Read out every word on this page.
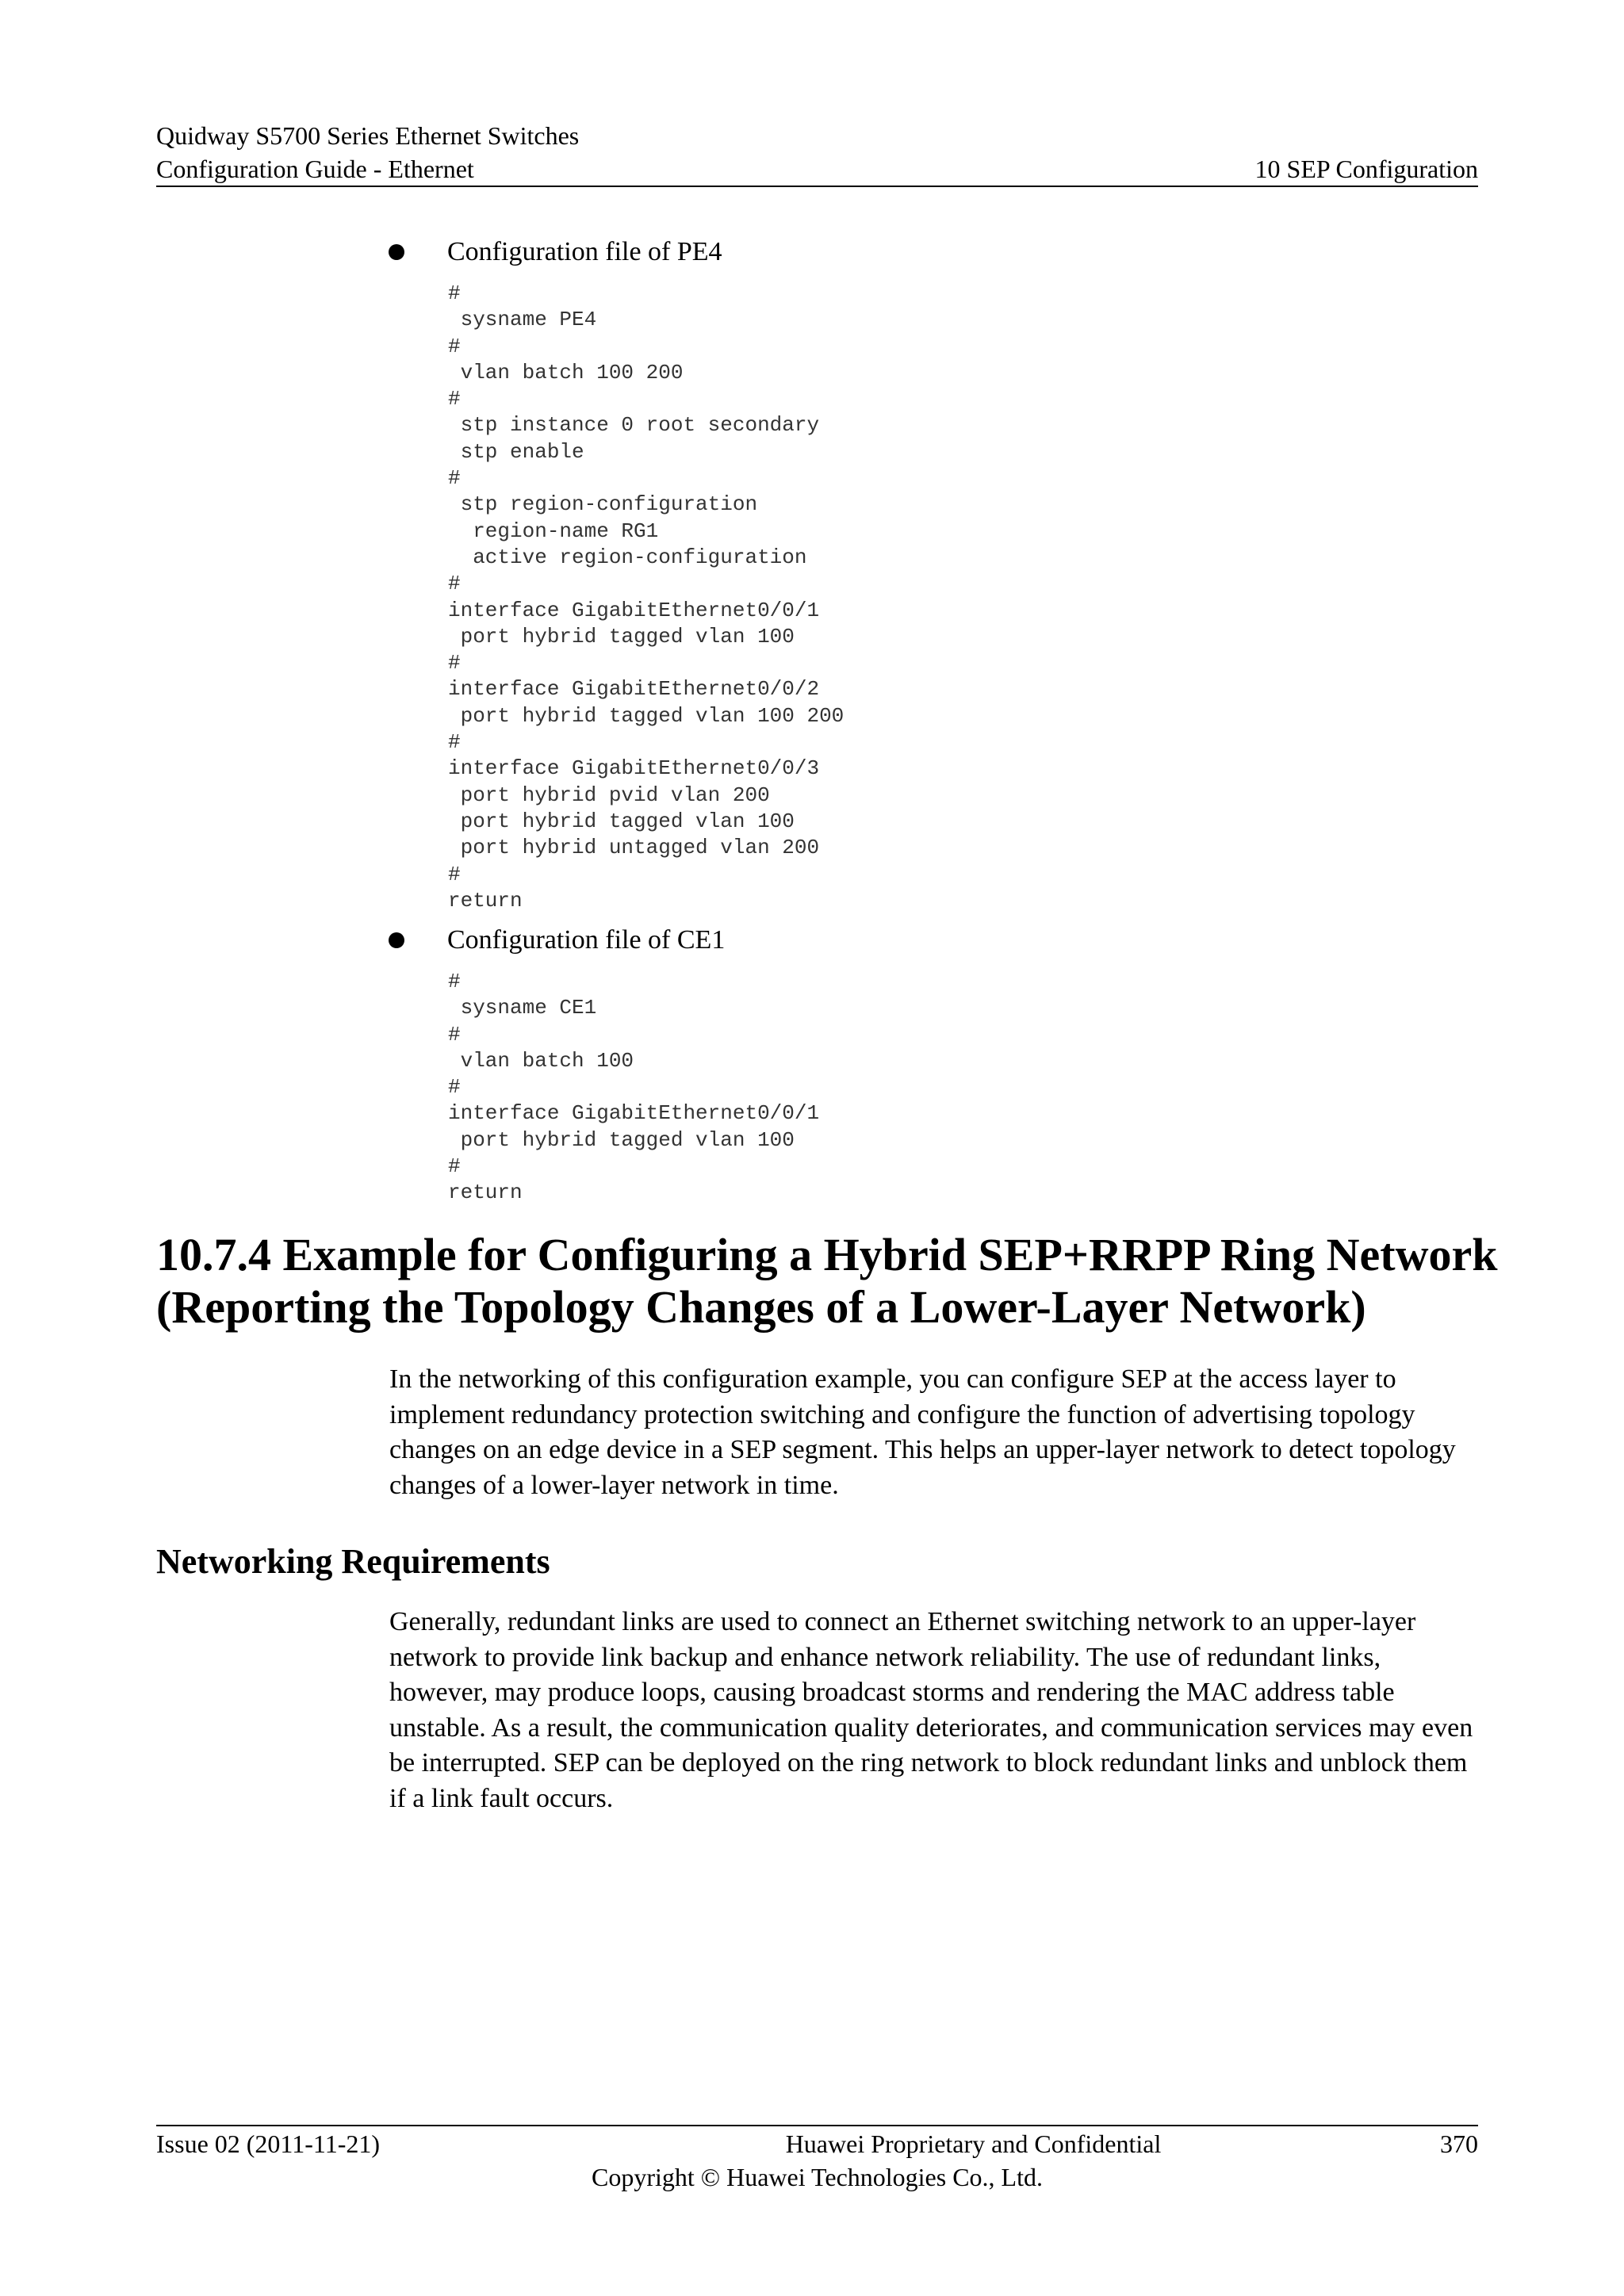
Quidway S5700 Series Ethernet Switches
Configuration Guide - Ethernet	10 SEP Configuration
Configuration file of PE4
#
sysname PE4
#
vlan batch 100 200
#
stp instance 0 root secondary
stp enable
#
stp region-configuration
region-name RG1
active region-configuration
#
interface GigabitEthernet0/0/1
port hybrid tagged vlan 100
#
interface GigabitEthernet0/0/2
port hybrid tagged vlan 100 200
#
interface GigabitEthernet0/0/3
port hybrid pvid vlan 200
port hybrid tagged vlan 100
port hybrid untagged vlan 200
#
return
Configuration file of CE1
#
sysname CE1
#
vlan batch 100
#
interface GigabitEthernet0/0/1
port hybrid tagged vlan 100
#
return
10.7.4 Example for Configuring a Hybrid SEP+RRPP Ring Network
(Reporting the Topology Changes of a Lower-Layer Network)

In the networking of this configuration example, you can configure SEP at the access layer to implement redundancy protection switching and configure the function of advertising topology changes on an edge device in a SEP segment. This helps an upper-layer network to detect topology changes of a lower-layer network in time.

Networking Requirements

Generally, redundant links are used to connect an Ethernet switching network to an upper-layer network to provide link backup and enhance network reliability. The use of redundant links, however, may produce loops, causing broadcast storms and rendering the MAC address table unstable. As a result, the communication quality deteriorates, and communication services may even be interrupted. SEP can be deployed on the ring network to block redundant links and unblock them if a link fault occurs.

Issue 02 (2011-11-21)	Huawei Proprietary and Confidential	370
Copyright © Huawei Technologies Co., Ltd.
